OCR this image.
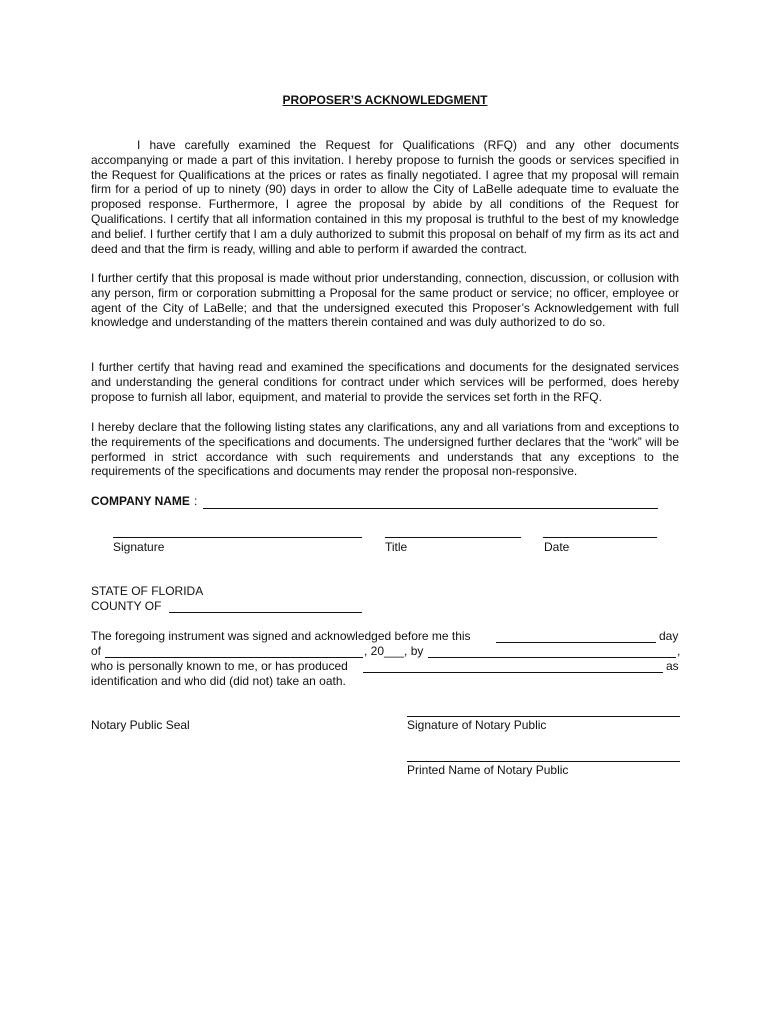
PROPOSER’S ACKNOWLEDGMENT
I have carefully examined the Request for Qualifications (RFQ) and any other documents accompanying or made a part of this invitation. I hereby propose to furnish the goods or services specified in the Request for Qualifications at the prices or rates as finally negotiated. I agree that my proposal will remain firm for a period of up to ninety (90) days in order to allow the City of LaBelle adequate time to evaluate the proposed response. Furthermore, I agree the proposal by abide by all conditions of the Request for Qualifications. I certify that all information contained in this my proposal is truthful to the best of my knowledge and belief. I further certify that I am a duly authorized to submit this proposal on behalf of my firm as its act and deed and that the firm is ready, willing and able to perform if awarded the contract.
I further certify that this proposal is made without prior understanding, connection, discussion, or collusion with any person, firm or corporation submitting a Proposal for the same product or service; no officer, employee or agent of the City of LaBelle; and that the undersigned executed this Proposer’s Acknowledgement with full knowledge and understanding of the matters therein contained and was duly authorized to do so.
I further certify that having read and examined the specifications and documents for the designated services and understanding the general conditions for contract under which services will be performed, does hereby propose to furnish all labor, equipment, and material to provide the services set forth in the RFQ.
I hereby declare that the following listing states any clarifications, any and all variations from and exceptions to the requirements of the specifications and documents. The undersigned further declares that the “work” will be performed in strict accordance with such requirements and understands that any exceptions to the requirements of the specifications and documents may render the proposal non-responsive.
COMPANY NAME :
Signature	Title	Date
STATE OF FLORIDA
COUNTY OF
The foregoing instrument was signed and acknowledged before me this	day
of	, 20___, by	,
who is personally known to me, or has produced	as
identification and who did (did not) take an oath.
Notary Public Seal	Signature of Notary Public
Printed Name of Notary Public
